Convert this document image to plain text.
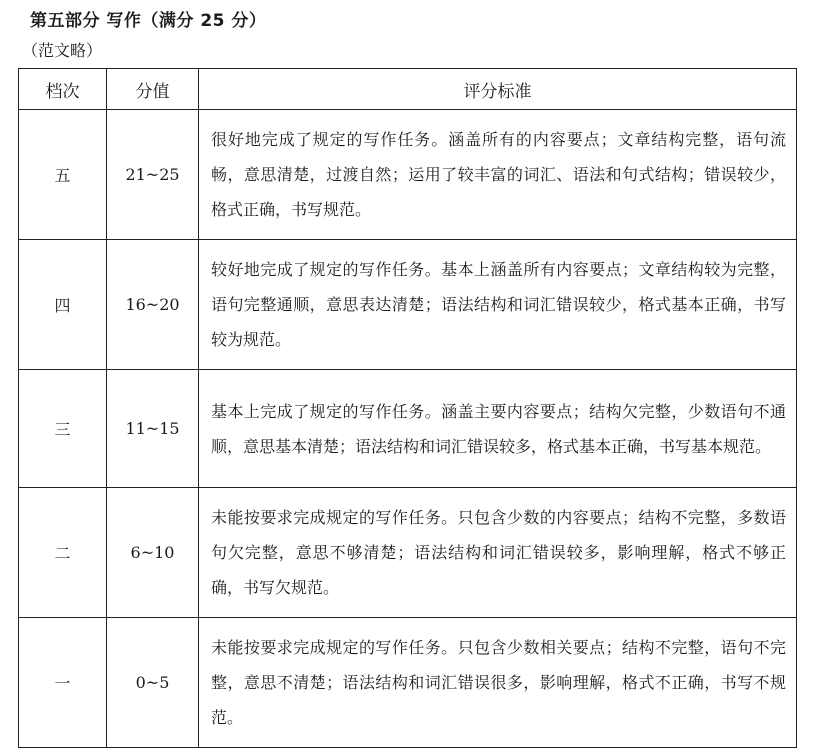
第五部分 写作（满分 25 分）
（范文略）
档次	分值	评分标准
五	21~25	很好地完成了规定的写作任务。涵盖所有的内容要点；文章结构完整，语句流畅，意思清楚，过渡自然；运用了较丰富的词汇、语法和句式结构；错误较少，格式正确，书写规范。
四	16~20	较好地完成了规定的写作任务。基本上涵盖所有内容要点；文章结构较为完整，语句完整通顺，意思表达清楚；语法结构和词汇错误较少，格式基本正确，书写较为规范。
三	11~15	基本上完成了规定的写作任务。涵盖主要内容要点；结构欠完整，少数语句不通顺，意思基本清楚；语法结构和词汇错误较多，格式基本正确，书写基本规范。
二	6~10	未能按要求完成规定的写作任务。只包含少数的内容要点；结构不完整，多数语句欠完整，意思不够清楚；语法结构和词汇错误较多，影响理解，格式不够正确，书写欠规范。
一	0~5	未能按要求完成规定的写作任务。只包含少数相关要点；结构不完整，语句不完整，意思不清楚；语法结构和词汇错误很多，影响理解，格式不正确，书写不规范。
